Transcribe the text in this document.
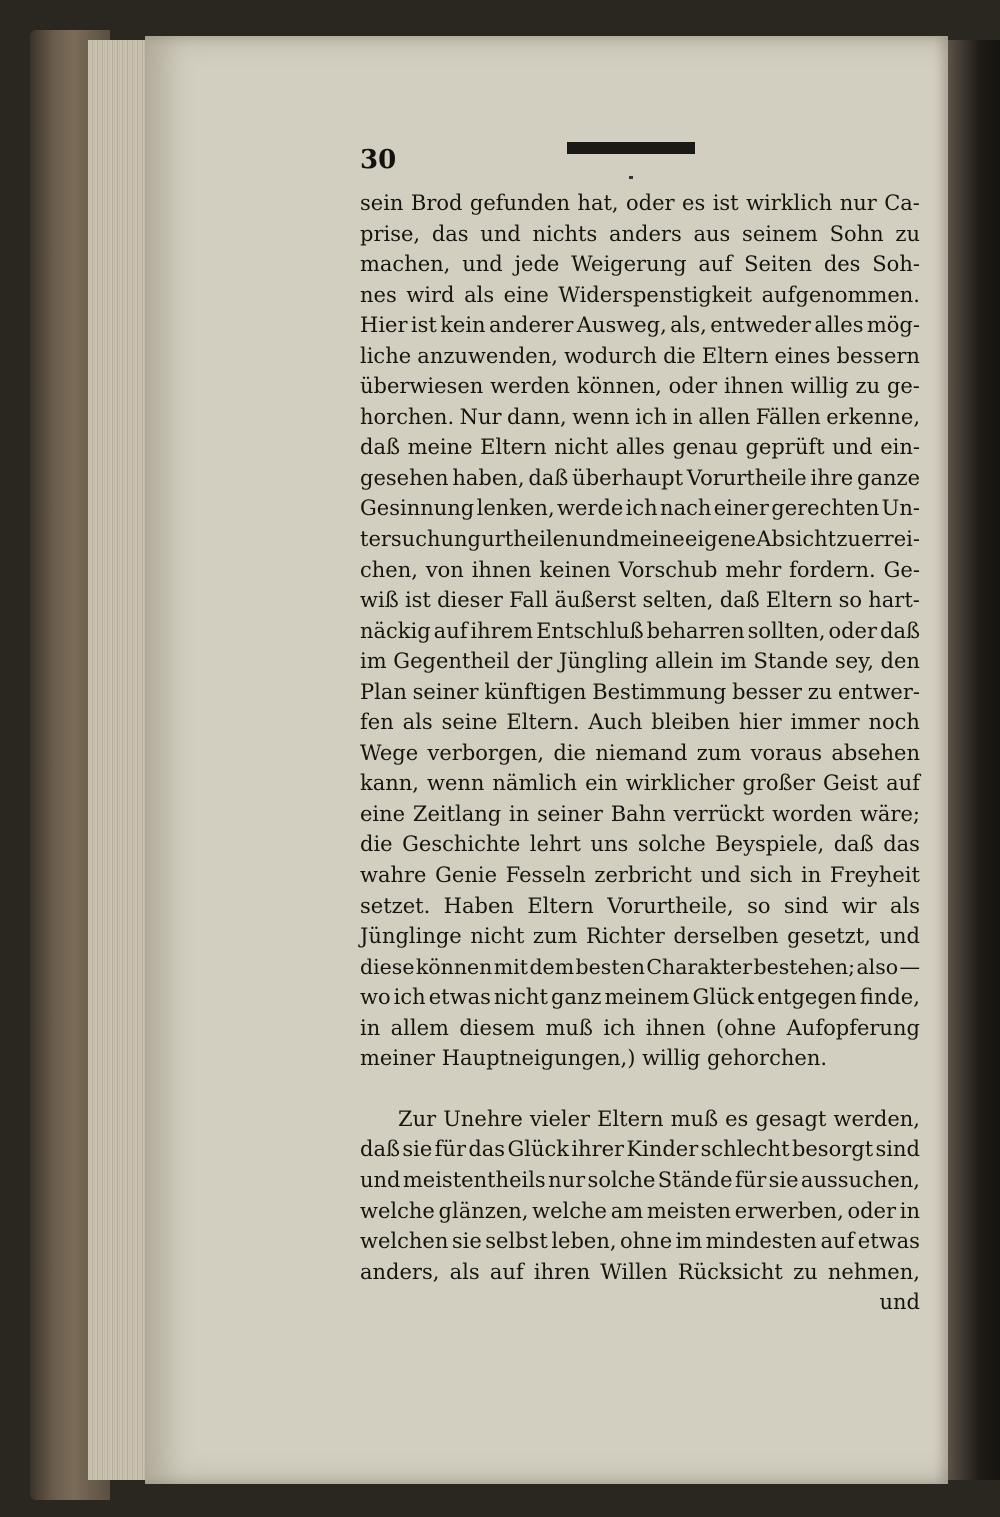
30
sein Brod gefunden hat, oder es ist wirklich nur Ca-
prise, das und nichts anders aus seinem Sohn zu
machen, und jede Weigerung auf Seiten des Soh-
nes wird als eine Widerspenstigkeit aufgenommen.
Hier ist kein anderer Ausweg, als, entweder alles mög-
liche anzuwenden, wodurch die Eltern eines bessern
überwiesen werden können, oder ihnen willig zu ge-
horchen. Nur dann, wenn ich in allen Fällen erkenne,
daß meine Eltern nicht alles genau geprüft und ein-
gesehen haben, daß überhaupt Vorurtheile ihre ganze
Gesinnung lenken, werde ich nach einer gerechten Un-
tersuchung urtheilen und meine eigene Absicht zu errei-
chen, von ihnen keinen Vorschub mehr fordern. Ge-
wiß ist dieser Fall äußerst selten, daß Eltern so hart-
näckig auf ihrem Entschluß beharren sollten, oder daß
im Gegentheil der Jüngling allein im Stande sey, den
Plan seiner künftigen Bestimmung besser zu entwer-
fen als seine Eltern. Auch bleiben hier immer noch
Wege verborgen, die niemand zum voraus absehen
kann, wenn nämlich ein wirklicher großer Geist auf
eine Zeitlang in seiner Bahn verrückt worden wäre;
die Geschichte lehrt uns solche Beyspiele, daß das
wahre Genie Fesseln zerbricht und sich in Freyheit
setzet. Haben Eltern Vorurtheile, so sind wir als
Jünglinge nicht zum Richter derselben gesetzt, und
diese können mit dem besten Charakter bestehen; also —
wo ich etwas nicht ganz meinem Glück entgegen finde,
in allem diesem muß ich ihnen (ohne Aufopferung
meiner Hauptneigungen,) willig gehorchen.
Zur Unehre vieler Eltern muß es gesagt werden,
daß sie für das Glück ihrer Kinder schlecht besorgt sind
und meistentheils nur solche Stände für sie aussuchen,
welche glänzen, welche am meisten erwerben, oder in
welchen sie selbst leben, ohne im mindesten auf etwas
anders, als auf ihren Willen Rücksicht zu nehmen,
und
